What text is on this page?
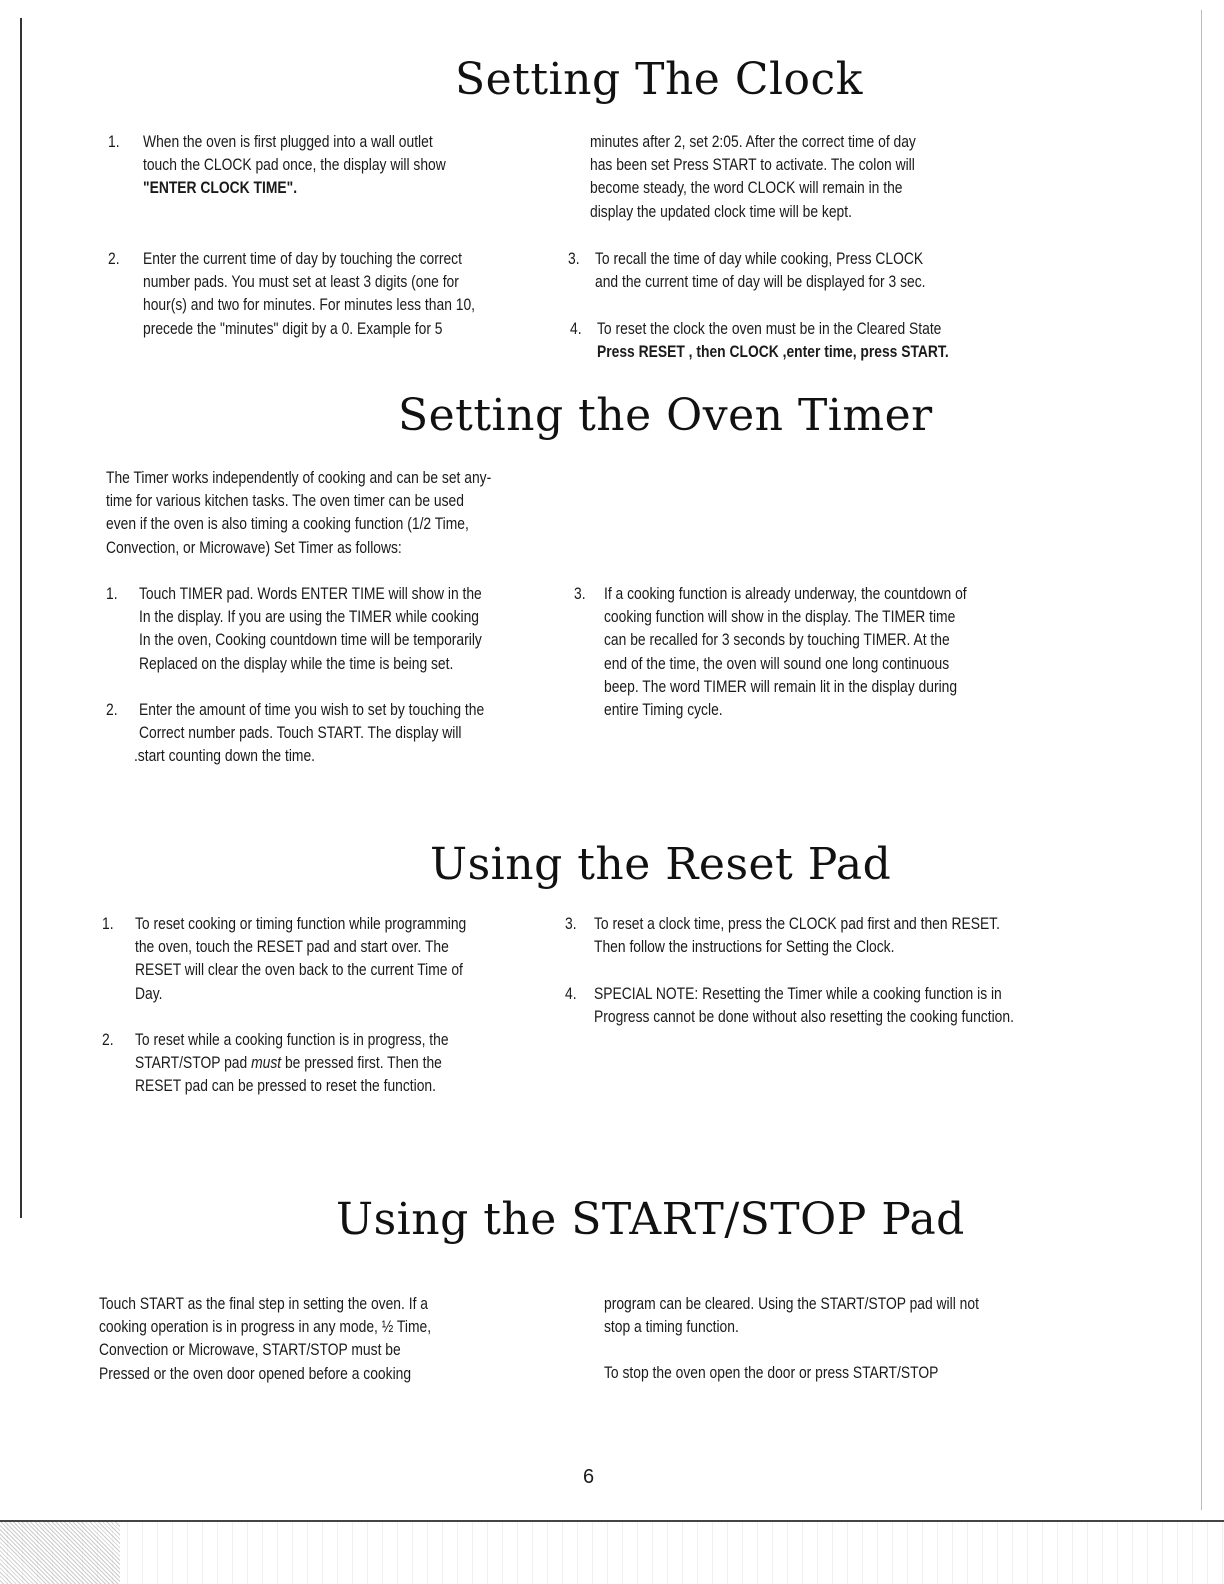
Setting The Clock
1. When the oven is first plugged into a wall outlet
touch the CLOCK pad once, the display will show
"ENTER CLOCK TIME".
2. Enter the current time of day by touching the correct
number pads. You must set at least 3 digits (one for
hour(s) and two for minutes. For minutes less than 10,
precede the "minutes" digit by a 0. Example for 5
minutes after 2, set 2:05. After the correct time of day
has been set Press START to activate. The colon will
become steady, the word CLOCK will remain in the
display the updated clock time will be kept.
3. To recall the time of day while cooking, Press CLOCK
and the current time of day will be displayed for 3 sec.
4. To reset the clock the oven must be in the Cleared State
Press RESET , then CLOCK ,enter time, press START.
Setting the Oven Timer
The Timer works independently of cooking and can be set any-
time for various kitchen tasks. The oven timer can be used
even if the oven is also timing a cooking function (1/2 Time,
Convection, or Microwave) Set Timer as follows:
1. Touch TIMER pad. Words ENTER TIME will show in the
In the display. If you are using the TIMER while cooking
In the oven, Cooking countdown time will be temporarily
Replaced on the display while the time is being set.
2. Enter the amount of time you wish to set by touching the
Correct number pads. Touch START. The display will
.start counting down the time.
3. If a cooking function is already underway, the countdown of
cooking function will show in the display. The TIMER time
can be recalled for 3 seconds by touching TIMER. At the
end of the time, the oven will sound one long continuous
beep. The word TIMER will remain lit in the display during
entire Timing cycle.
Using the Reset Pad
1. To reset cooking or timing function while programming
the oven, touch the RESET pad and start over. The
RESET will clear the oven back to the current Time of
Day.
2. To reset while a cooking function is in progress, the
START/STOP pad must be pressed first. Then the
RESET pad can be pressed to reset the function.
3. To reset a clock time, press the CLOCK pad first and then RESET.
Then follow the instructions for Setting the Clock.
4. SPECIAL NOTE: Resetting the Timer while a cooking function is in
Progress cannot be done without also resetting the cooking function.
Using the START/STOP Pad
Touch START as the final step in setting the oven. If a
cooking operation is in progress in any mode, ½ Time,
Convection or Microwave, START/STOP must be
Pressed or the oven door opened before a cooking
program can be cleared. Using the START/STOP pad will not
stop a timing function.
To stop the oven open the door or press START/STOP
6
